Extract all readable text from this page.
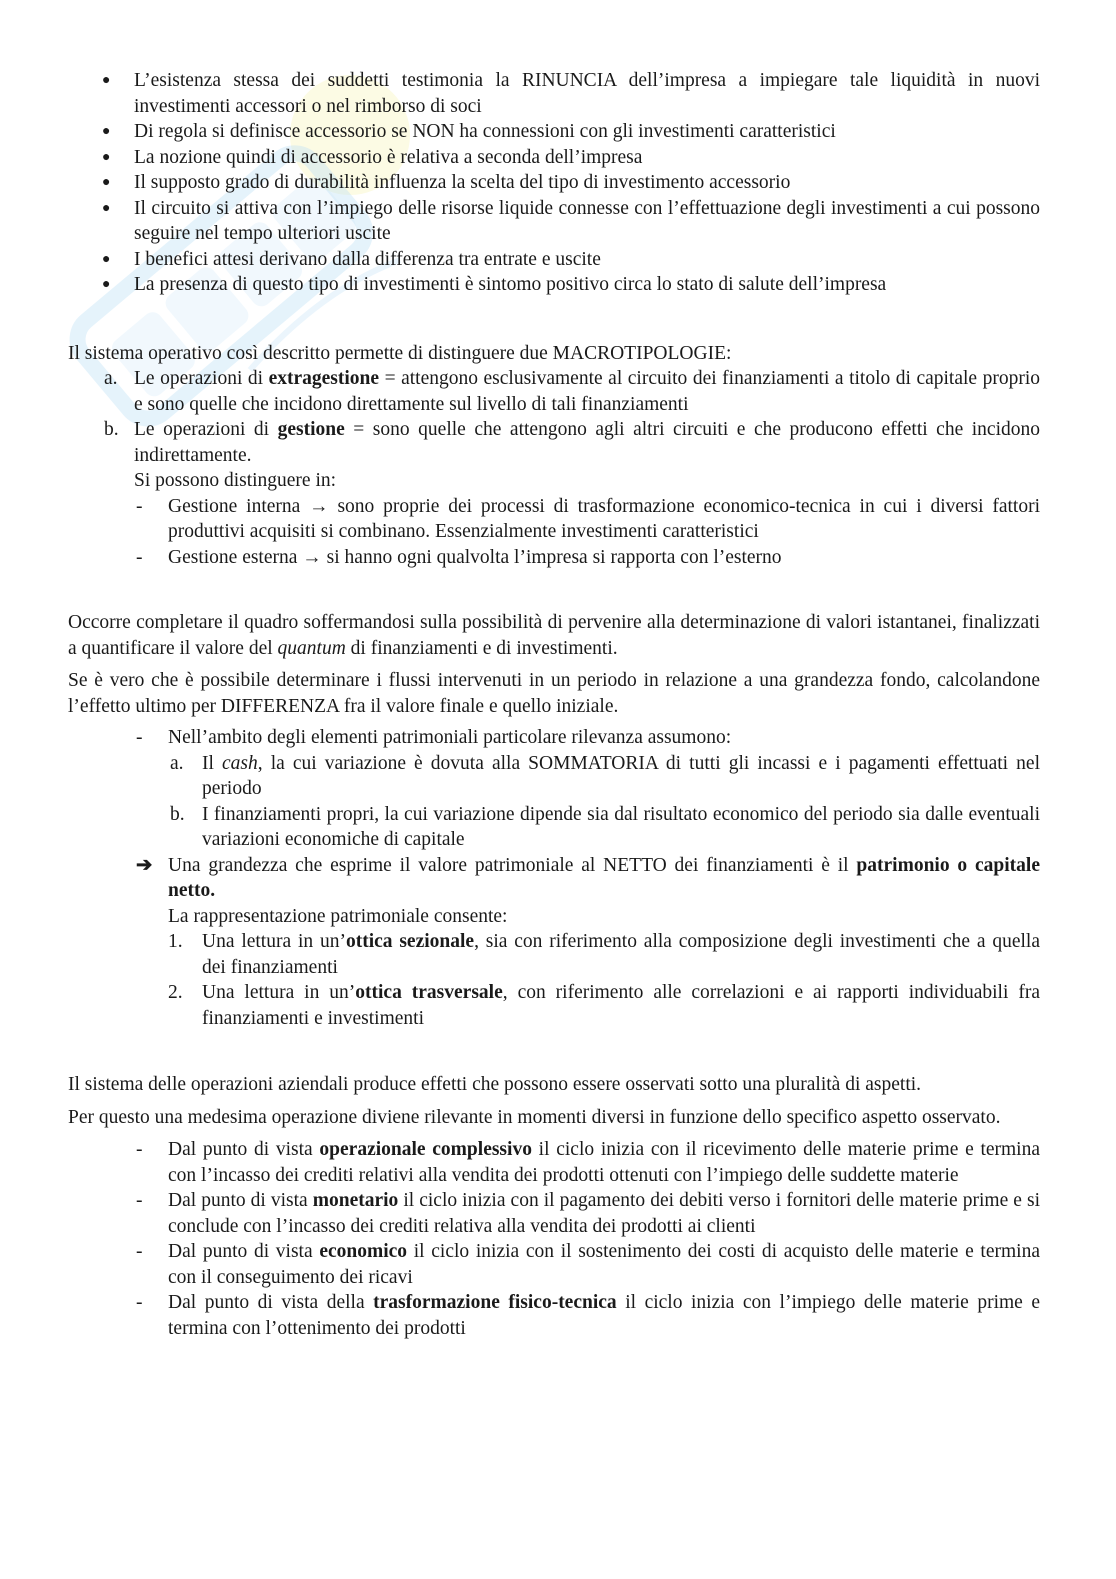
● L’esistenza stessa dei suddetti testimonia la RINUNCIA dell’impresa a impiegare tale liquidità in nuovi investimenti accessori o nel rimborso di soci
● Di regola si definisce accessorio se NON ha connessioni con gli investimenti caratteristici
● La nozione quindi di accessorio è relativa a seconda dell’impresa
● Il supposto grado di durabilità influenza la scelta del tipo di investimento accessorio
● Il circuito si attiva con l’impiego delle risorse liquide connesse con l’effettuazione degli investimenti a cui possono seguire nel tempo ulteriori uscite
● I benefici attesi derivano dalla differenza tra entrate e uscite
● La presenza di questo tipo di investimenti è sintomo positivo circa lo stato di salute dell’impresa

Il sistema operativo così descritto permette di distinguere due MACROTIPOLOGIE:

a. Le operazioni di extragestione = attengono esclusivamente al circuito dei finanziamenti a titolo di capitale proprio e sono quelle che incidono direttamente sul livello di tali finanziamenti
b. Le operazioni di gestione = sono quelle che attengono agli altri circuiti e che producono effetti che incidono indirettamente.
Si possono distinguere in:
- Gestione interna → sono proprie dei processi di trasformazione economico-tecnica in cui i diversi fattori produttivi acquisiti si combinano. Essenzialmente investimenti caratteristici
- Gestione esterna → si hanno ogni qualvolta l’impresa si rapporta con l’esterno

Occorre completare il quadro soffermandosi sulla possibilità di pervenire alla determinazione di valori istantanei, finalizzati a quantificare il valore del quantum di finanziamenti e di investimenti.

Se è vero che è possibile determinare i flussi intervenuti in un periodo in relazione a una grandezza fondo, calcolandone l’effetto ultimo per DIFFERENZA fra il valore finale e quello iniziale.

- Nell’ambito degli elementi patrimoniali particolare rilevanza assumono:
a. Il cash, la cui variazione è dovuta alla SOMMATORIA di tutti gli incassi e i pagamenti effettuati nel periodo
b. I finanziamenti propri, la cui variazione dipende sia dal risultato economico del periodo sia dalle eventuali variazioni economiche di capitale
➔ Una grandezza che esprime il valore patrimoniale al NETTO dei finanziamenti è il patrimonio o capitale netto.
La rappresentazione patrimoniale consente:
1. Una lettura in un’ottica sezionale, sia con riferimento alla composizione degli investimenti che a quella dei finanziamenti
2. Una lettura in un’ottica trasversale, con riferimento alle correlazioni e ai rapporti individuabili fra finanziamenti e investimenti

Il sistema delle operazioni aziendali produce effetti che possono essere osservati sotto una pluralità di aspetti.

Per questo una medesima operazione diviene rilevante in momenti diversi in funzione dello specifico aspetto osservato.

- Dal punto di vista operazionale complessivo il ciclo inizia con il ricevimento delle materie prime e termina con l’incasso dei crediti relativi alla vendita dei prodotti ottenuti con l’impiego delle suddette materie
- Dal punto di vista monetario il ciclo inizia con il pagamento dei debiti verso i fornitori delle materie prime e si conclude con l’incasso dei crediti relativa alla vendita dei prodotti ai clienti
- Dal punto di vista economico il ciclo inizia con il sostenimento dei costi di acquisto delle materie e termina con il conseguimento dei ricavi
- Dal punto di vista della trasformazione fisico-tecnica il ciclo inizia con l’impiego delle materie prime e termina con l’ottenimento dei prodotti
